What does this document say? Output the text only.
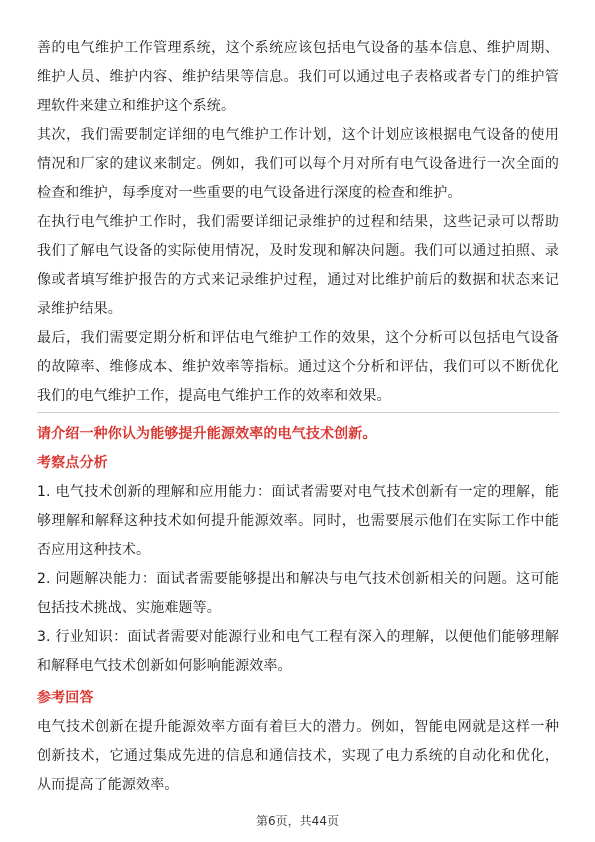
善的电气维护工作管理系统，这个系统应该包括电气设备的基本信息、维护周期、维护人员、维护内容、维护结果等信息。我们可以通过电子表格或者专门的维护管理软件来建立和维护这个系统。

其次，我们需要制定详细的电气维护工作计划，这个计划应该根据电气设备的使用情况和厂家的建议来制定。例如，我们可以每个月对所有电气设备进行一次全面的检查和维护，每季度对一些重要的电气设备进行深度的检查和维护。

在执行电气维护工作时，我们需要详细记录维护的过程和结果，这些记录可以帮助我们了解电气设备的实际使用情况，及时发现和解决问题。我们可以通过拍照、录像或者填写维护报告的方式来记录维护过程，通过对比维护前后的数据和状态来记录维护结果。

最后，我们需要定期分析和评估电气维护工作的效果，这个分析可以包括电气设备的故障率、维修成本、维护效率等指标。通过这个分析和评估，我们可以不断优化我们的电气维护工作，提高电气维护工作的效率和效果。

请介绍一种你认为能够提升能源效率的电气技术创新。

考察点分析

1. 电气技术创新的理解和应用能力：面试者需要对电气技术创新有一定的理解，能够理解和解释这种技术如何提升能源效率。同时，也需要展示他们在实际工作中能否应用这种技术。

2. 问题解决能力：面试者需要能够提出和解决与电气技术创新相关的问题。这可能包括技术挑战、实施难题等。

3. 行业知识：面试者需要对能源行业和电气工程有深入的理解，以便他们能够理解和解释电气技术创新如何影响能源效率。

参考回答

电气技术创新在提升能源效率方面有着巨大的潜力。例如，智能电网就是这样一种创新技术，它通过集成先进的信息和通信技术，实现了电力系统的自动化和优化，从而提高了能源效率。

第6页，共44页
